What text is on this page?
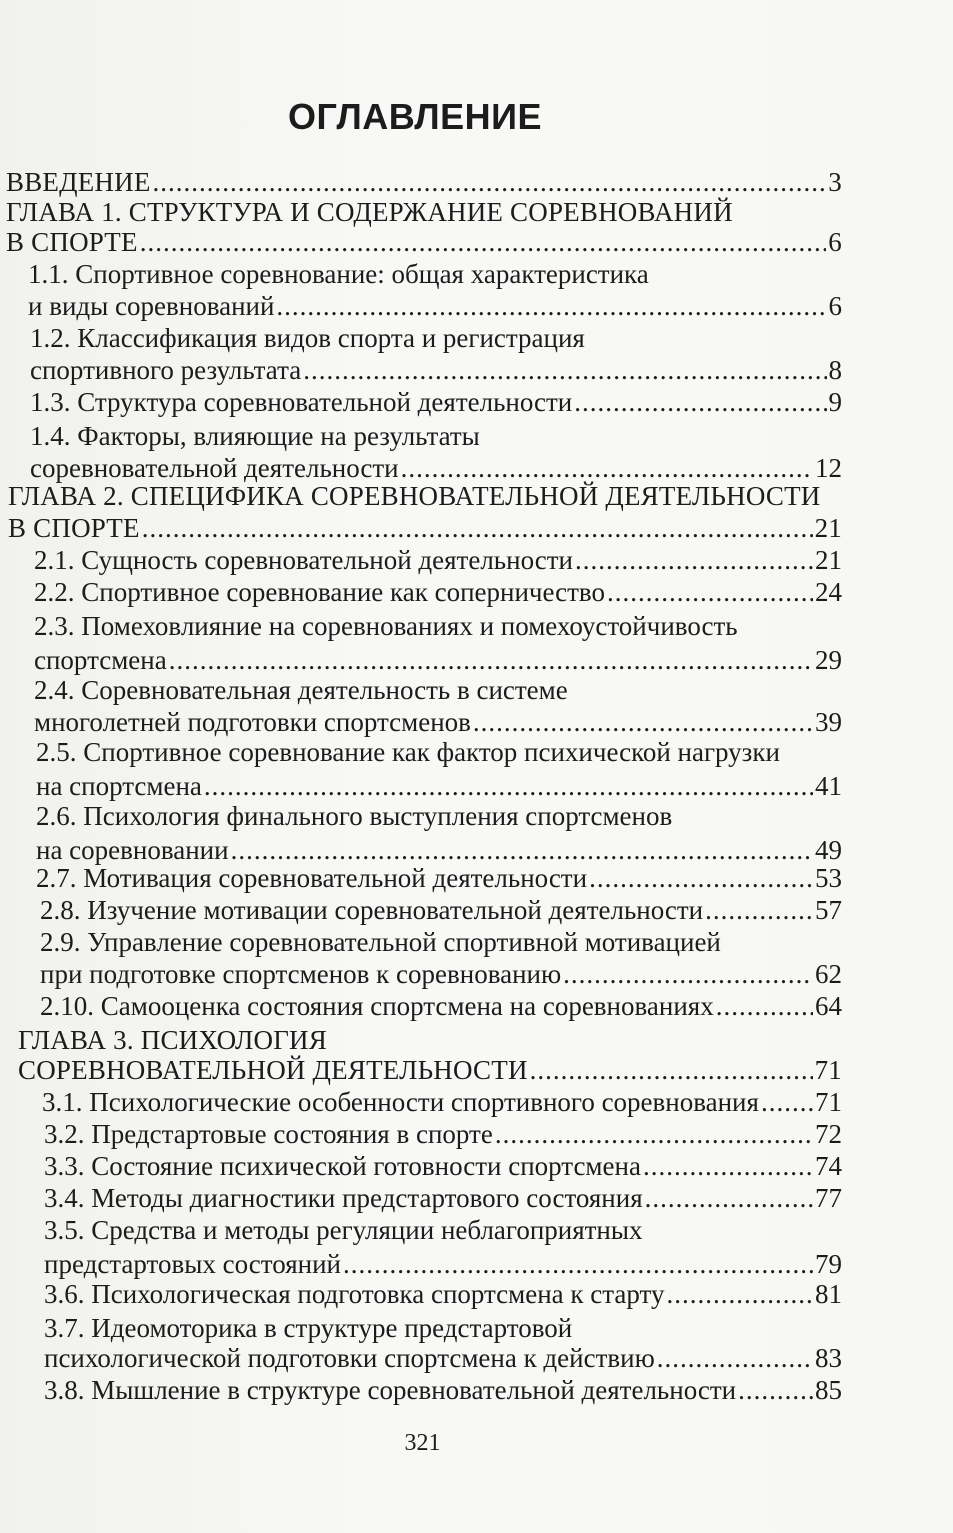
ОГЛАВЛЕНИЕ
ВВЕДЕНИЕ .....	3
ГЛАВА 1. СТРУКТУРА И СОДЕРЖАНИЕ СОРЕВНОВАНИЙ
В СПОРТЕ .....	6
1.1. Спортивное соревнование: общая характеристика
и виды соревнований .....	6
1.2. Классификация видов спорта и регистрация
спортивного результата .....	8
1.3. Структура соревновательной деятельности .....	9
1.4. Факторы, влияющие на результаты
соревновательной деятельности .....	12
ГЛАВА 2. СПЕЦИФИКА СОРЕВНОВАТЕЛЬНОЙ ДЕЯТЕЛЬНОСТИ
В СПОРТЕ .....	21
2.1. Сущность соревновательной деятельности .....	21
2.2. Спортивное соревнование как соперничество .....	24
2.3. Помеховлияние на соревнованиях и помехоустойчивость
спортсмена .....	29
2.4. Соревновательная деятельность в системе
многолетней подготовки спортсменов .....	39
2.5. Спортивное соревнование как фактор психической нагрузки
на спортсмена .....	41
2.6. Психология финального выступления спортсменов
на соревновании .....	49
2.7. Мотивация соревновательной деятельности .....	53
2.8. Изучение мотивации соревновательной деятельности .....	57
2.9. Управление соревновательной спортивной мотивацией
при подготовке спортсменов к соревнованию .....	62
2.10. Самооценка состояния спортсмена на соревнованиях .....	64
ГЛАВА 3. ПСИХОЛОГИЯ
СОРЕВНОВАТЕЛЬНОЙ ДЕЯТЕЛЬНОСТИ .....	71
3.1. Психологические особенности спортивного соревнования ..... 71
3.2. Предстартовые состояния в спорте .....	72
3.3. Состояние психической готовности спортсмена .....	74
3.4. Методы диагностики предстартового состояния .....	77
3.5. Средства и методы регуляции неблагоприятных
предстартовых состояний .....	79
3.6. Психологическая подготовка спортсмена к старту .....	81
3.7. Идеомоторика в структуре предстартовой
психологической подготовки спортсмена к действию .....	83
3.8. Мышление в структуре соревновательной деятельности .....	85
321
